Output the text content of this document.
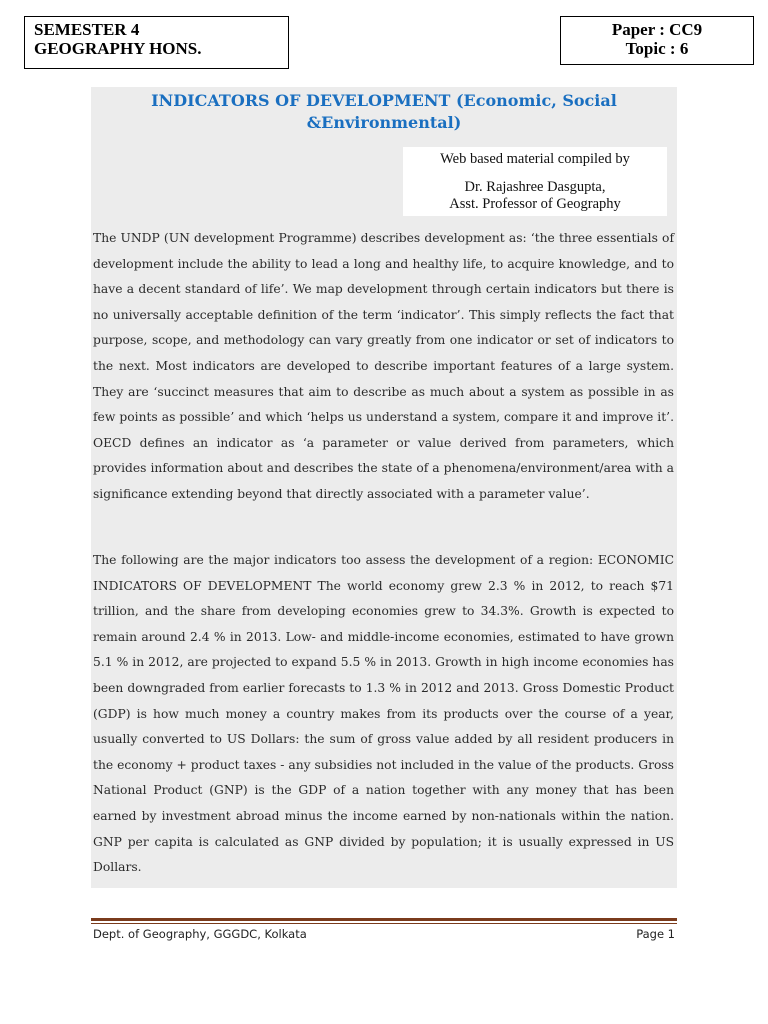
SEMESTER 4
GEOGRAPHY HONS.
Paper : CC9
Topic : 6
INDICATORS OF DEVELOPMENT (Economic, Social &Environmental)
Web based material compiled by
Dr. Rajashree Dasgupta,
Asst. Professor of Geography

The UNDP (UN development Programme) describes development as: ‘the three essentials of development include the ability to lead a long and healthy life, to acquire knowledge, and to have a decent standard of life’. We map development through certain indicators but there is no universally acceptable definition of the term ‘indicator’. This simply reflects the fact that purpose, scope, and methodology can vary greatly from one indicator or set of indicators to the next. Most indicators are developed to describe important features of a large system. They are ‘succinct measures that aim to describe as much about a system as possible in as few points as possible’ and which ‘helps us understand a system, compare it and improve it’. OECD defines an indicator as ‘a parameter or value derived from parameters, which provides information about and describes the state of a phenomena/environment/area with a significance extending beyond that directly associated with a parameter value’.

The following are the major indicators too assess the development of a region: ECONOMIC INDICATORS OF DEVELOPMENT The world economy grew 2.3 % in 2012, to reach $71 trillion, and the share from developing economies grew to 34.3%. Growth is expected to remain around 2.4 % in 2013. Low- and middle-income economies, estimated to have grown 5.1 % in 2012, are projected to expand 5.5 % in 2013. Growth in high income economies has been downgraded from earlier forecasts to 1.3 % in 2012 and 2013. Gross Domestic Product (GDP) is how much money a country makes from its products over the course of a year, usually converted to US Dollars: the sum of gross value added by all resident producers in the economy + product taxes - any subsidies not included in the value of the products. Gross National Product (GNP) is the GDP of a nation together with any money that has been earned by investment abroad minus the income earned by non-nationals within the nation. GNP per capita is calculated as GNP divided by population; it is usually expressed in US Dollars.

Dept. of Geography, GGGDC, Kolkata	Page 1
